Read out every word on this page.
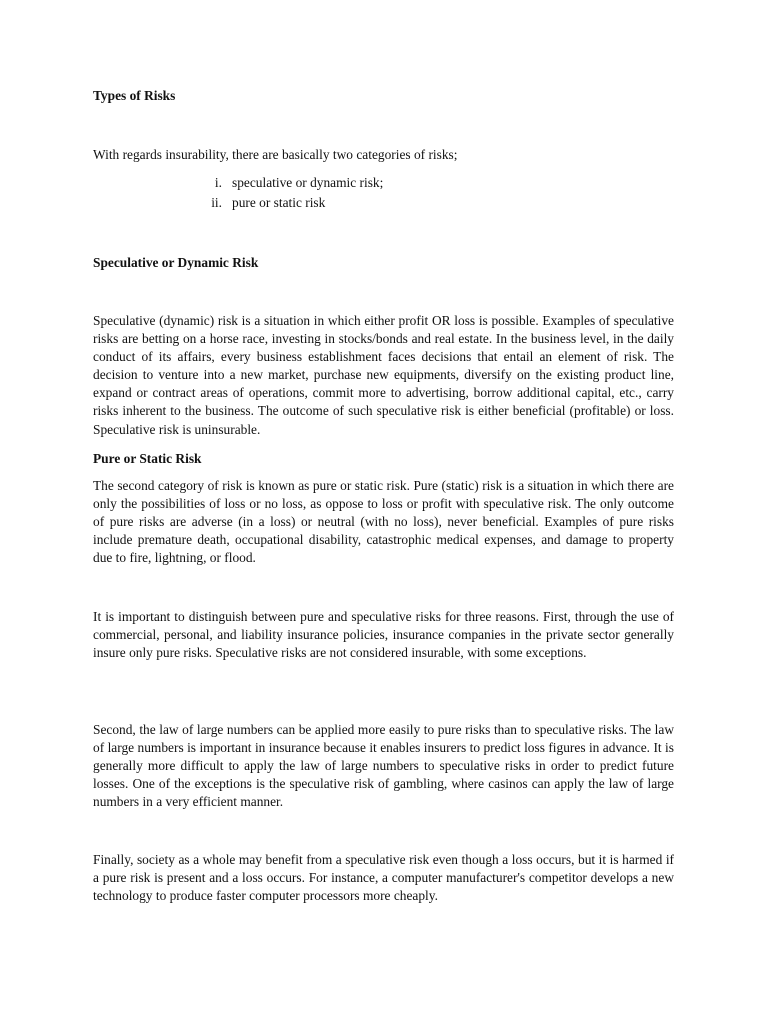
Types of Risks

With regards insurability, there are basically two categories of risks;

i. speculative or dynamic risk;
ii. pure or static risk
Speculative or Dynamic Risk

Speculative (dynamic) risk is a situation in which either profit OR loss is possible. Examples of speculative risks are betting on a horse race, investing in stocks/bonds and real estate. In the business level, in the daily conduct of its affairs, every business establishment faces decisions that entail an element of risk. The decision to venture into a new market, purchase new equipments, diversify on the existing product line, expand or contract areas of operations, commit more to advertising, borrow additional capital, etc., carry risks inherent to the business. The outcome of such speculative risk is either beneficial (profitable) or loss. Speculative risk is uninsurable.

Pure or Static Risk

The second category of risk is known as pure or static risk. Pure (static) risk is a situation in which there are only the possibilities of loss or no loss, as oppose to loss or profit with speculative risk. The only outcome of pure risks are adverse (in a loss) or neutral (with no loss), never beneficial. Examples of pure risks include premature death, occupational disability, catastrophic medical expenses, and damage to property due to fire, lightning, or flood.

It is important to distinguish between pure and speculative risks for three reasons. First, through the use of commercial, personal, and liability insurance policies, insurance companies in the private sector generally insure only pure risks. Speculative risks are not considered insurable, with some exceptions.

Second, the law of large numbers can be applied more easily to pure risks than to speculative risks. The law of large numbers is important in insurance because it enables insurers to predict loss figures in advance. It is generally more difficult to apply the law of large numbers to speculative risks in order to predict future losses. One of the exceptions is the speculative risk of gambling, where casinos can apply the law of large numbers in a very efficient manner.

Finally, society as a whole may benefit from a speculative risk even though a loss occurs, but it is harmed if a pure risk is present and a loss occurs. For instance, a computer manufacturer's competitor develops a new technology to produce faster computer processors more cheaply.
